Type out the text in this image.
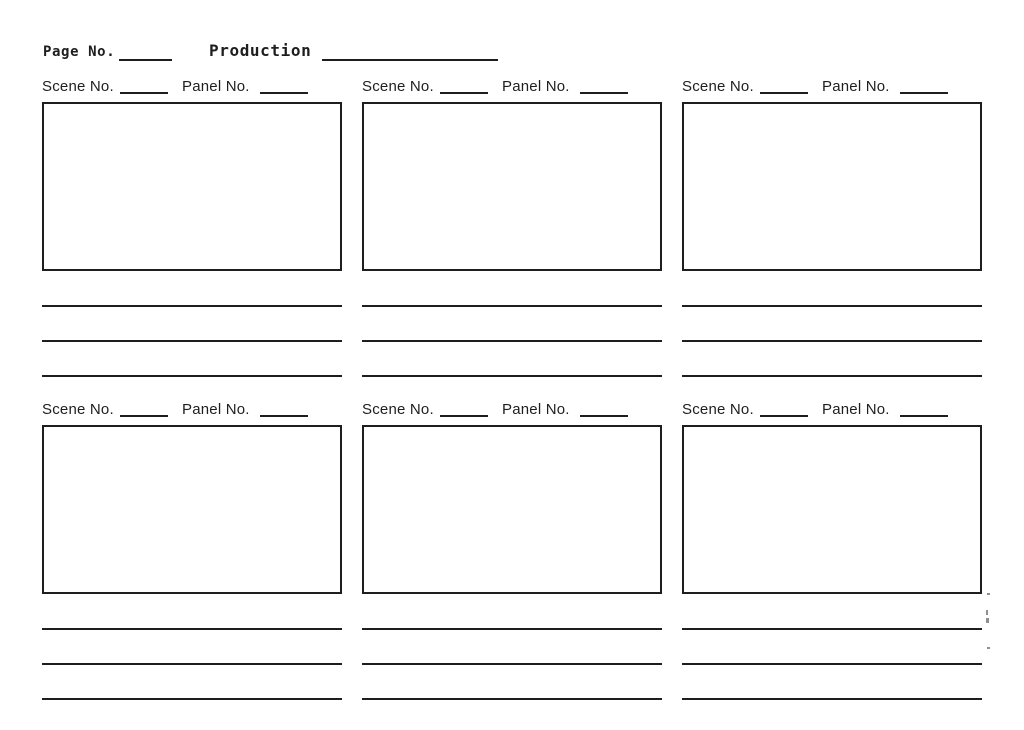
Page No.	Production
Scene No.	Panel No.	Scene No.	Panel No.	Scene No.	Panel No.
Scene No.	Panel No.	Scene No.	Panel No.	Scene No.	Panel No.
